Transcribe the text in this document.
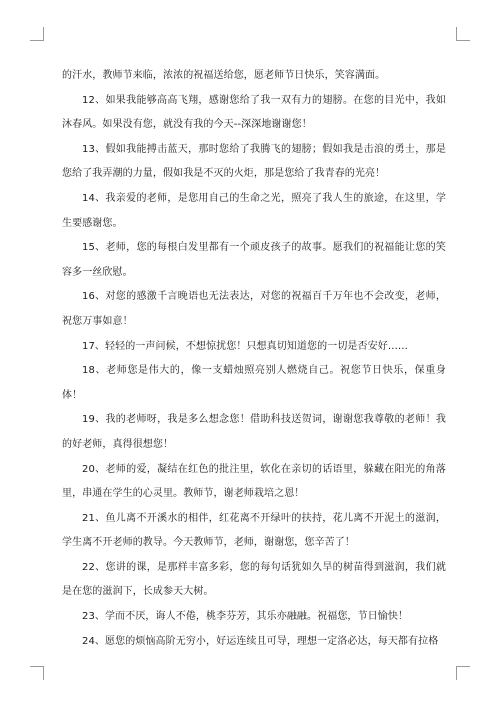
的汗水，教师节来临，浓浓的祝福送给您，愿老师节日快乐，笑容满面。

12、如果我能够高高飞翔，感谢您给了我一双有力的翅膀。在您的目光中，我如沐春风。如果没有您，就没有我的今天--深深地谢谢您！

13、假如我能搏击蓝天，那时您给了我腾飞的翅膀；假如我是击浪的勇士，那是您给了我弄潮的力量，假如我是不灭的火炬，那是您给了我青春的光亮！

14、我亲爱的老师，是您用自己的生命之光，照亮了我人生的旅途，在这里，学生要感谢您。

15、老师，您的每根白发里都有一个顽皮孩子的故事。愿我们的祝福能让您的笑容多一丝欣慰。

16、对您的感激千言晚语也无法表达，对您的祝福百千万年也不会改变，老师，祝您万事如意！

17、轻轻的一声问候，不想惊扰您！只想真切知道您的一切是否安好……

18、老师您是伟大的，像一支蜡烛照亮别人燃烧自己。祝您节日快乐，保重身体！

19、我的老师呀，我是多么想念您！借助科技送贺词，谢谢您我尊敬的老师！我的好老师，真得很想您！

20、老师的爱，凝结在红色的批注里，软化在亲切的话语里，躲藏在阳光的角落里，串通在学生的心灵里。教师节，谢老师栽培之恩！

21、鱼儿离不开溪水的相伴，红花离不开绿叶的扶持，花儿离不开泥土的滋润，学生离不开老师的教导。今天教师节，老师，谢谢您，您辛苦了！

22、您讲的课，是那样丰富多彩，您的每句话犹如久旱的树苗得到滋润，我们就是在您的滋润下，长成参天大树。

23、学而不厌，诲人不倦，桃李芬芳，其乐亦融融。祝福您，节日愉快！

24、愿您的烦恼高阶无穷小，好运连续且可导，理想一定洛必达，每天都有拉格
